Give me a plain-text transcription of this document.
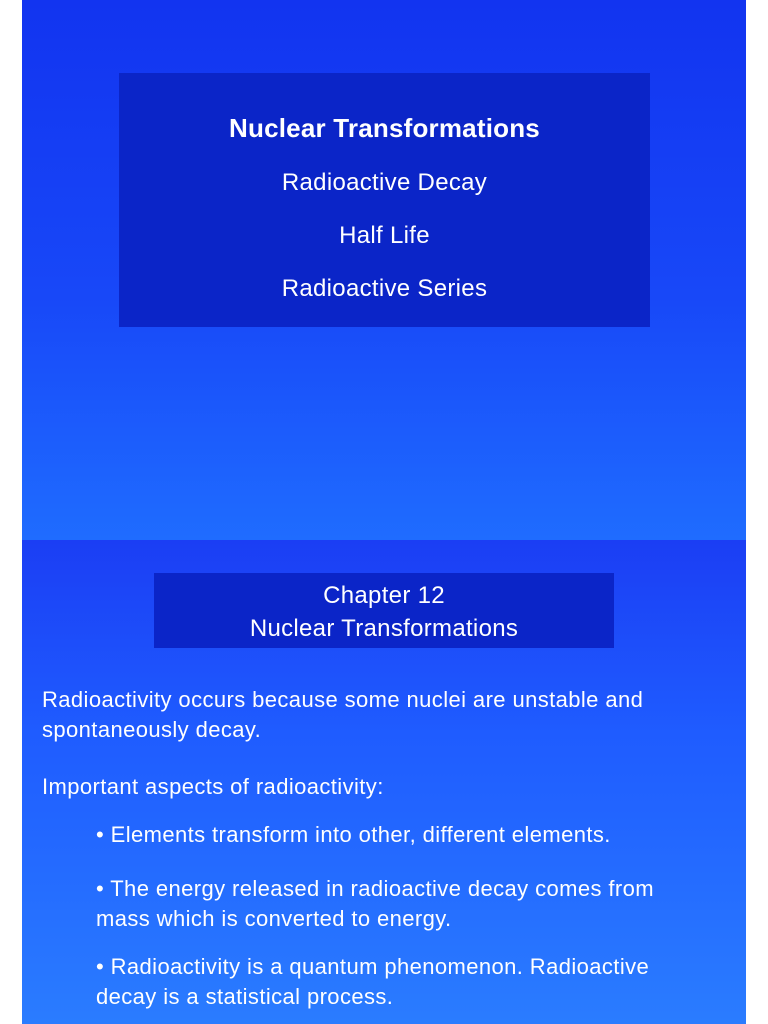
Nuclear Transformations
Radioactive Decay
Half Life
Radioactive Series
Chapter 12
Nuclear Transformations
Radioactivity occurs because some nuclei are unstable and
spontaneously decay.
Important aspects of radioactivity:
• Elements transform into other, different elements.
• The energy released in radioactive decay comes from
mass which is converted to energy.
• Radioactivity is a quantum phenomenon. Radioactive
decay is a statistical process.
